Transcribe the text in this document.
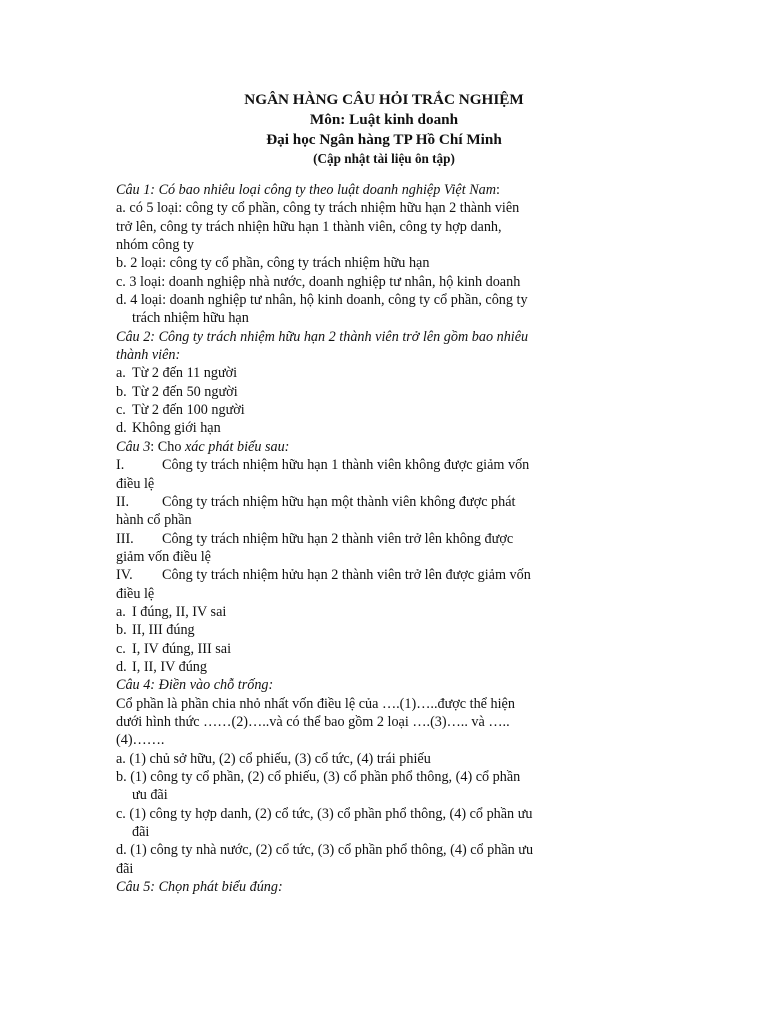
NGÂN HÀNG CÂU HỎI TRẮC NGHIỆM
Môn: Luật kinh doanh
Đại học Ngân hàng TP Hồ Chí Minh
(Cập nhật tài liệu ôn tập)
Câu 1: Có bao nhiêu loại công ty theo luật doanh nghiệp Việt Nam:
a. có 5 loại: công ty cổ phần, công ty trách nhiệm hữu hạn 2 thành viên trở lên, công ty trách nhiện hữu hạn 1 thành viên, công ty hợp danh, nhóm công ty
b. 2 loại: công ty cổ phần, công ty trách nhiệm hữu hạn
c. 3 loại: doanh nghiệp nhà nước, doanh nghiệp tư nhân, hộ kinh doanh
d. 4 loại: doanh nghiệp tư nhân, hộ kinh doanh, công ty cổ phần, công ty trách nhiệm hữu hạn
Câu 2: Công ty trách nhiệm hữu hạn 2 thành viên trở lên gồm bao nhiêu thành viên:
a. Từ 2 đến 11 người
b. Từ 2 đến 50 người
c. Từ 2 đến 100 người
d. Không giới hạn
Câu 3: Cho xác phát biểu sau:
I.	Công ty trách nhiệm hữu hạn 1 thành viên không được giảm vốn điều lệ
II. Công ty trách nhiệm hữu hạn một thành viên không được phát hành cổ phần
III. Công ty trách nhiệm hữu hạn 2 thành viên trở lên không được giảm vốn điều lệ
IV. Công ty trách nhiệm hửu hạn 2 thành viên trở lên được giảm vốn điều lệ
a. I đúng, II, IV sai
b. II, III đúng
c. I, IV đúng, III sai
d. I, II, IV đúng
Câu 4: Điền vào chỗ trống:
Cổ phần là phần chia nhỏ nhất vốn điều lệ của ….(1)…..được thể hiện dưới hình thức ……(2)…..và có thể bao gồm 2 loại ….(3)….. và …..(4)…….
a. (1) chủ sở hữu, (2) cổ phiếu, (3) cổ tức, (4) trái phiếu
b. (1) công ty cổ phần, (2) cổ phiếu, (3) cổ phần phổ thông, (4) cổ phần ưu đãi
c. (1) công ty hợp danh, (2) cổ tức, (3) cổ phần phổ thông, (4) cổ phần ưu đãi
d. (1) công ty nhà nước, (2) cổ tức, (3) cổ phần phổ thông, (4) cổ phần ưu đãi
Câu 5: Chọn phát biểu đúng:
